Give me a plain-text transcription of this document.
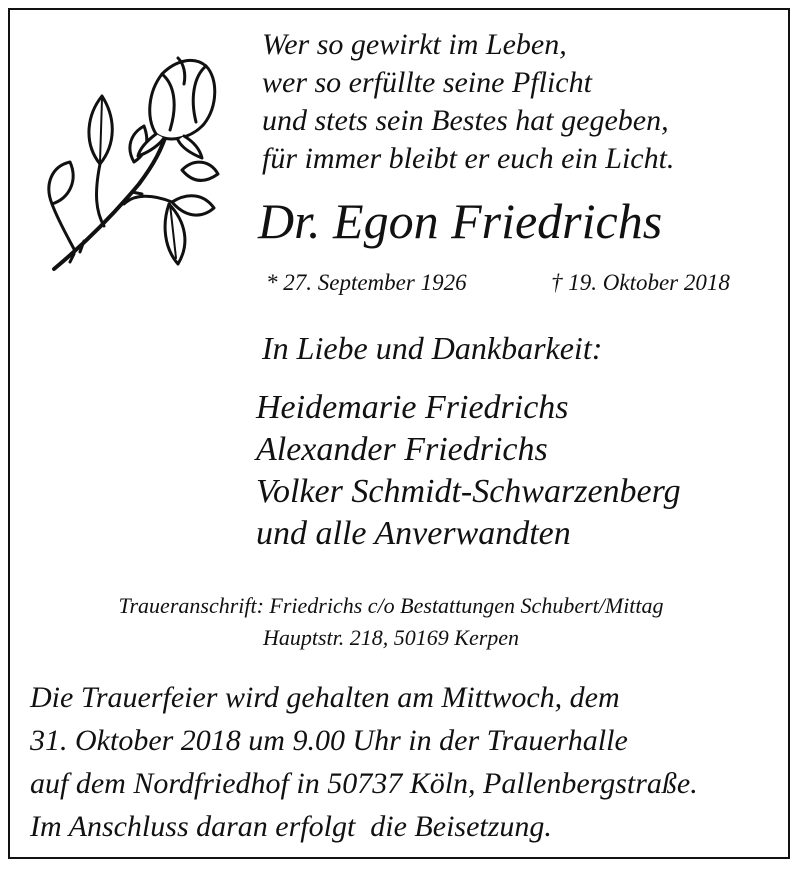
Wer so gewirkt im Leben,
wer so erfüllte seine Pflicht
und stets sein Bestes hat gegeben,
für immer bleibt er euch ein Licht.
Dr. Egon Friedrichs
* 27. September 1926	† 19. Oktober 2018
In Liebe und Dankbarkeit:
Heidemarie Friedrichs
Alexander Friedrichs
Volker Schmidt-Schwarzenberg
und alle Anverwandten
Traueranschrift: Friedrichs c/o Bestattungen Schubert/Mittag
Hauptstr. 218, 50169 Kerpen
Die Trauerfeier wird gehalten am Mittwoch, dem
31. Oktober 2018 um 9.00 Uhr in der Trauerhalle
auf dem Nordfriedhof in 50737 Köln, Pallenbergstraße.
Im Anschluss daran erfolgt  die Beisetzung.
